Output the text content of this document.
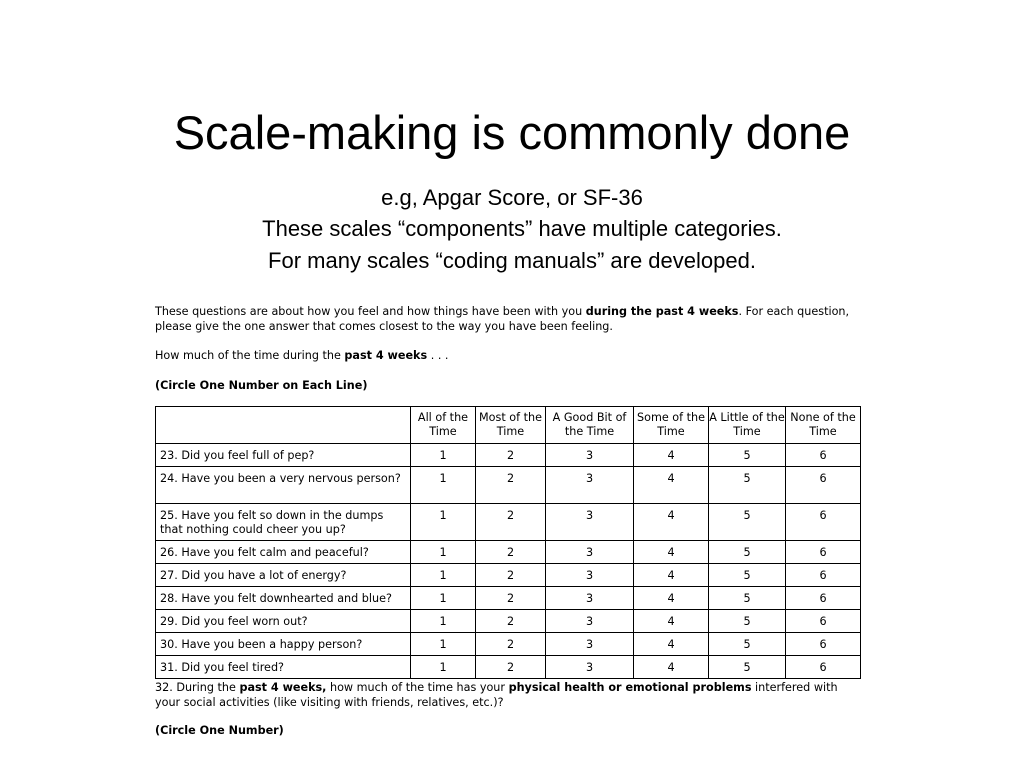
Scale-making is commonly done
e.g, Apgar Score, or SF-36
These scales “components” have multiple categories.
For many scales “coding manuals” are developed.

These questions are about how you feel and how things have been with you during the past 4 weeks. For each question, please give the one answer that comes closest to the way you have been feeling.

How much of the time during the past 4 weeks . . .

(Circle One Number on Each Line)

	All of the Time	Most of the Time	A Good Bit of the Time	Some of the Time	A Little of the Time	None of the Time
23. Did you feel full of pep?	1	2	3	4	5	6
24. Have you been a very nervous person?	1	2	3	4	5	6
25. Have you felt so down in the dumps that nothing could cheer you up?	1	2	3	4	5	6
26. Have you felt calm and peaceful?	1	2	3	4	5	6
27. Did you have a lot of energy?	1	2	3	4	5	6
28. Have you felt downhearted and blue?	1	2	3	4	5	6
29. Did you feel worn out?	1	2	3	4	5	6
30. Have you been a happy person?	1	2	3	4	5	6
31. Did you feel tired?	1	2	3	4	5	6

32. During the past 4 weeks, how much of the time has your physical health or emotional problems interfered with your social activities (like visiting with friends, relatives, etc.)?

(Circle One Number)
